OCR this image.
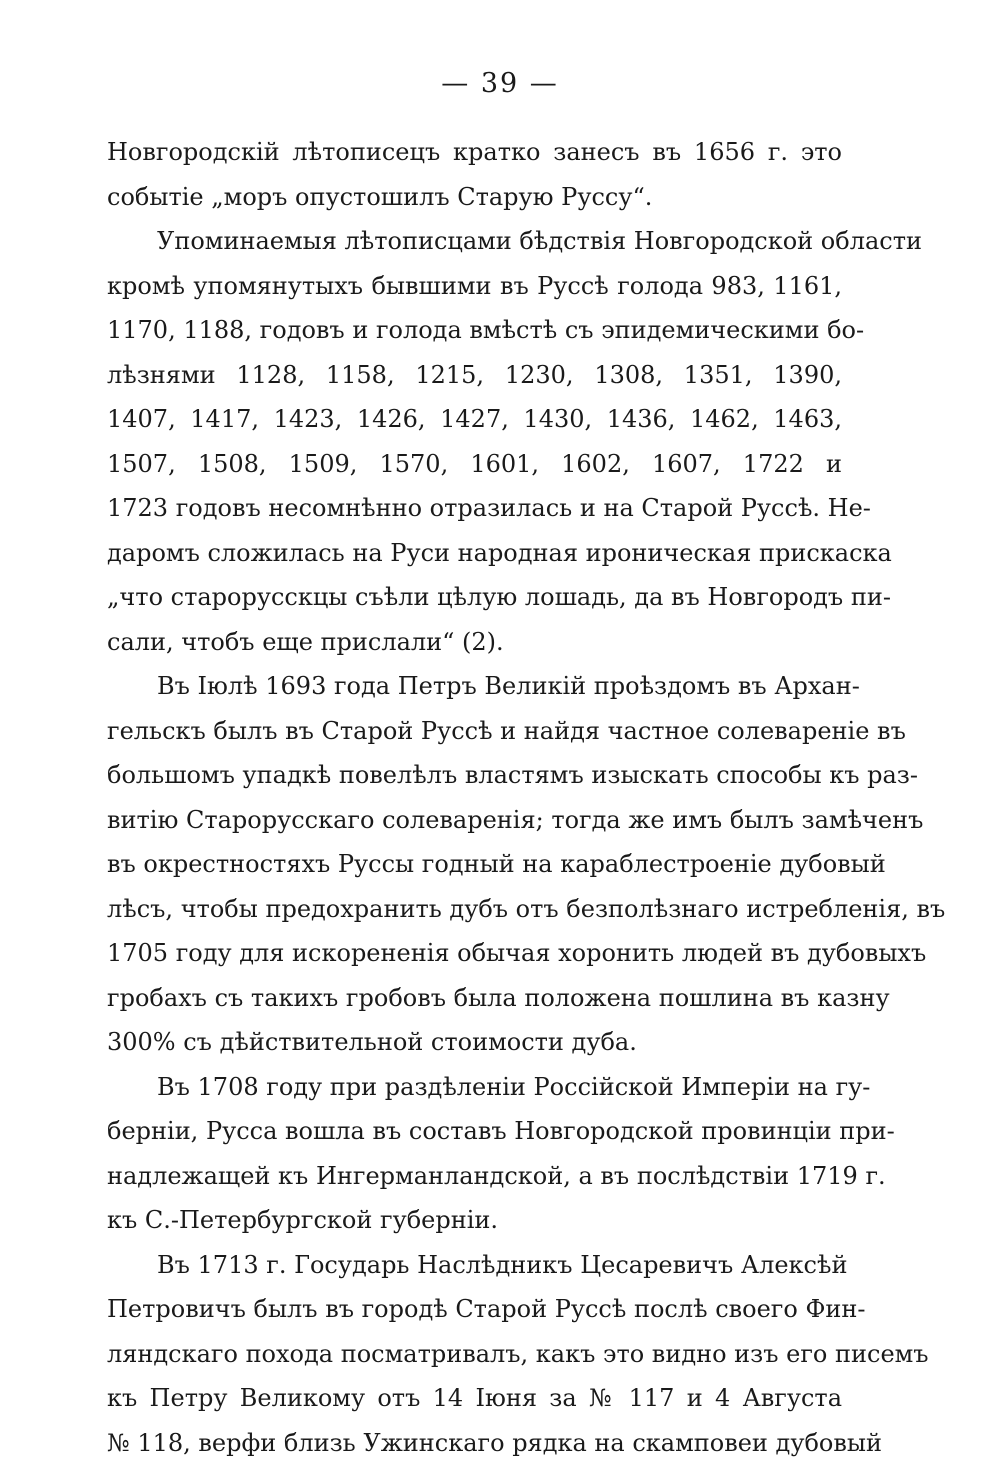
— 39 —
Новгородскій лѣтописецъ кратко занесъ въ 1656 г. это
событіе „моръ опустошилъ Старую Руссу“.
Упоминаемыя лѣтописцами бѣдствія Новгородской области
кромѣ упомянутыхъ бывшими въ Руссѣ голода 983, 1161,
1170, 1188, годовъ и голода вмѣстѣ съ эпидемическими бо-
лѣзнями 1128, 1158, 1215, 1230, 1308, 1351, 1390,
1407, 1417, 1423, 1426, 1427, 1430, 1436, 1462, 1463,
1507, 1508, 1509, 1570, 1601, 1602, 1607, 1722 и
1723 годовъ несомнѣнно отразилась и на Старой Руссѣ. Не-
даромъ сложилась на Руси народная ироническая прискаска
„что старорусскцы съѣли цѣлую лошадь, да въ Новгородъ пи-
сали, чтобъ еще прислали“ (2).
Въ Іюлѣ 1693 года Петръ Великій проѣздомъ въ Архан-
гельскъ былъ въ Старой Руссѣ и найдя частное солевареніе въ
большомъ упадкѣ повелѣлъ властямъ изыскать способы къ раз-
витію Старорусскаго солеваренія; тогда же имъ былъ замѣченъ
въ окрестностяхъ Руссы годный на караблестроеніе дубовый
лѣсъ, чтобы предохранить дубъ отъ безполѣзнаго истребленія, въ
1705 году для искорененія обычая хоронить людей въ дубовыхъ
гробахъ съ такихъ гробовъ была положена пошлина въ казну
300% съ дѣйствительной стоимости дуба.
Въ 1708 году при раздѣленіи Россійской Имперіи на гу-
берніи, Русса вошла въ составъ Новгородской провинціи при-
надлежащей къ Ингерманландской, а въ послѣдствіи 1719 г.
къ С.-Петербургской губерніи.
Въ 1713 г. Государь Наслѣдникъ Цесаревичъ Алексѣй
Петровичъ былъ въ городѣ Старой Руссѣ послѣ своего Фин-
ляндскаго похода посматривалъ, какъ это видно изъ его писемъ
къ Петру Великому отъ 14 Іюня за № 117 и 4 Августа
№ 118, верфи близь Ужинскаго рядка на скамповеи дубовый
